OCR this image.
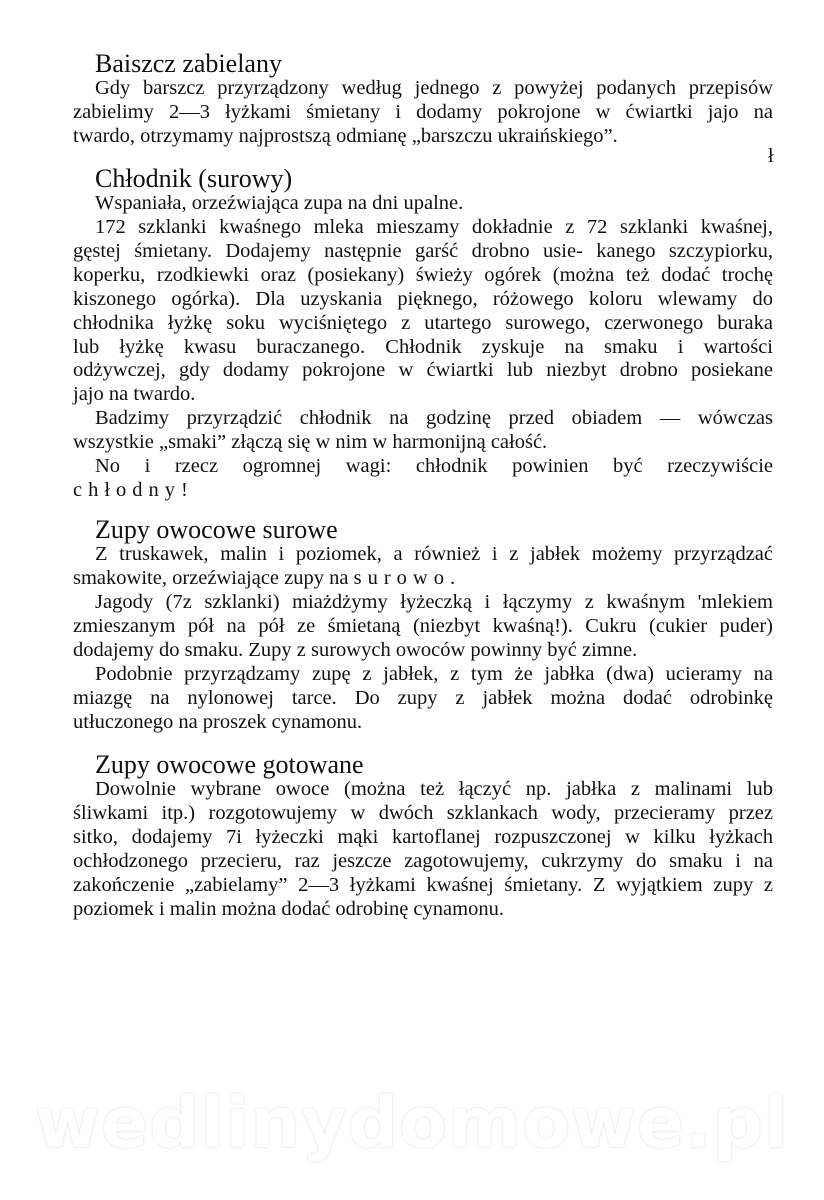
Baiszcz zabielany
Gdy barszcz przyrządzony według jednego z powyżej podanych przepisów
zabielimy 2—3 łyżkami śmietany i dodamy pokrojone w ćwiartki jajo na
twardo, otrzymamy najprostszą odmianę „barszczu ukraińskiego”.
ł
Chłodnik (surowy)
Wspaniała, orzeźwiająca zupa na dni upalne.
172 szklanki kwaśnego mleka mieszamy dokładnie z 72 szklanki kwaśnej,
gęstej śmietany. Dodajemy następnie garść drobno usie- kanego szczypiorku,
koperku, rzodkiewki oraz (posiekany) świeży ogórek (można też dodać trochę
kiszonego ogórka). Dla uzyskania pięknego, różowego koloru wlewamy do
chłodnika łyżkę soku wyciśniętego z utartego surowego, czerwonego buraka
lub łyżkę kwasu buraczanego. Chłodnik zyskuje na smaku i wartości
odżywczej, gdy dodamy pokrojone w ćwiartki lub niezbyt drobno posiekane
jajo na twardo.
Badzimy przyrządzić chłodnik na godzinę przed obiadem — wówczas
wszystkie „smaki” złączą się w nim w harmonijną całość.
No i rzecz ogromnej wagi: chłodnik powinien być rzeczywiście
chłodny!
Zupy owocowe surowe
Z truskawek, malin i poziomek, a również i z jabłek możemy przyrządzać
smakowite, orzeźwiające zupy na surowo.
Jagody (7z szklanki) miażdżymy łyżeczką i łączymy z kwaśnym 'mlekiem
zmieszanym pół na pół ze śmietaną (niezbyt kwaśną!). Cukru (cukier puder)
dodajemy do smaku. Zupy z surowych owoców powinny być zimne.
Podobnie przyrządzamy zupę z jabłek, z tym że jabłka (dwa) ucieramy na
miazgę na nylonowej tarce. Do zupy z jabłek można dodać odrobinkę
utłuczonego na proszek cynamonu.
Zupy owocowe gotowane
Dowolnie wybrane owoce (można też łączyć np. jabłka z malinami lub
śliwkami itp.) rozgotowujemy w dwóch szklankach wody, przecieramy przez
sitko, dodajemy 7i łyżeczki mąki kartoflanej rozpuszczonej w kilku łyżkach
ochłodzonego przecieru, raz jeszcze zagotowujemy, cukrzymy do smaku i na
zakończenie „zabielamy” 2—3 łyżkami kwaśnej śmietany. Z wyjątkiem zupy z
poziomek i malin można dodać odrobinę cynamonu.
wedlinydomowe.pl
